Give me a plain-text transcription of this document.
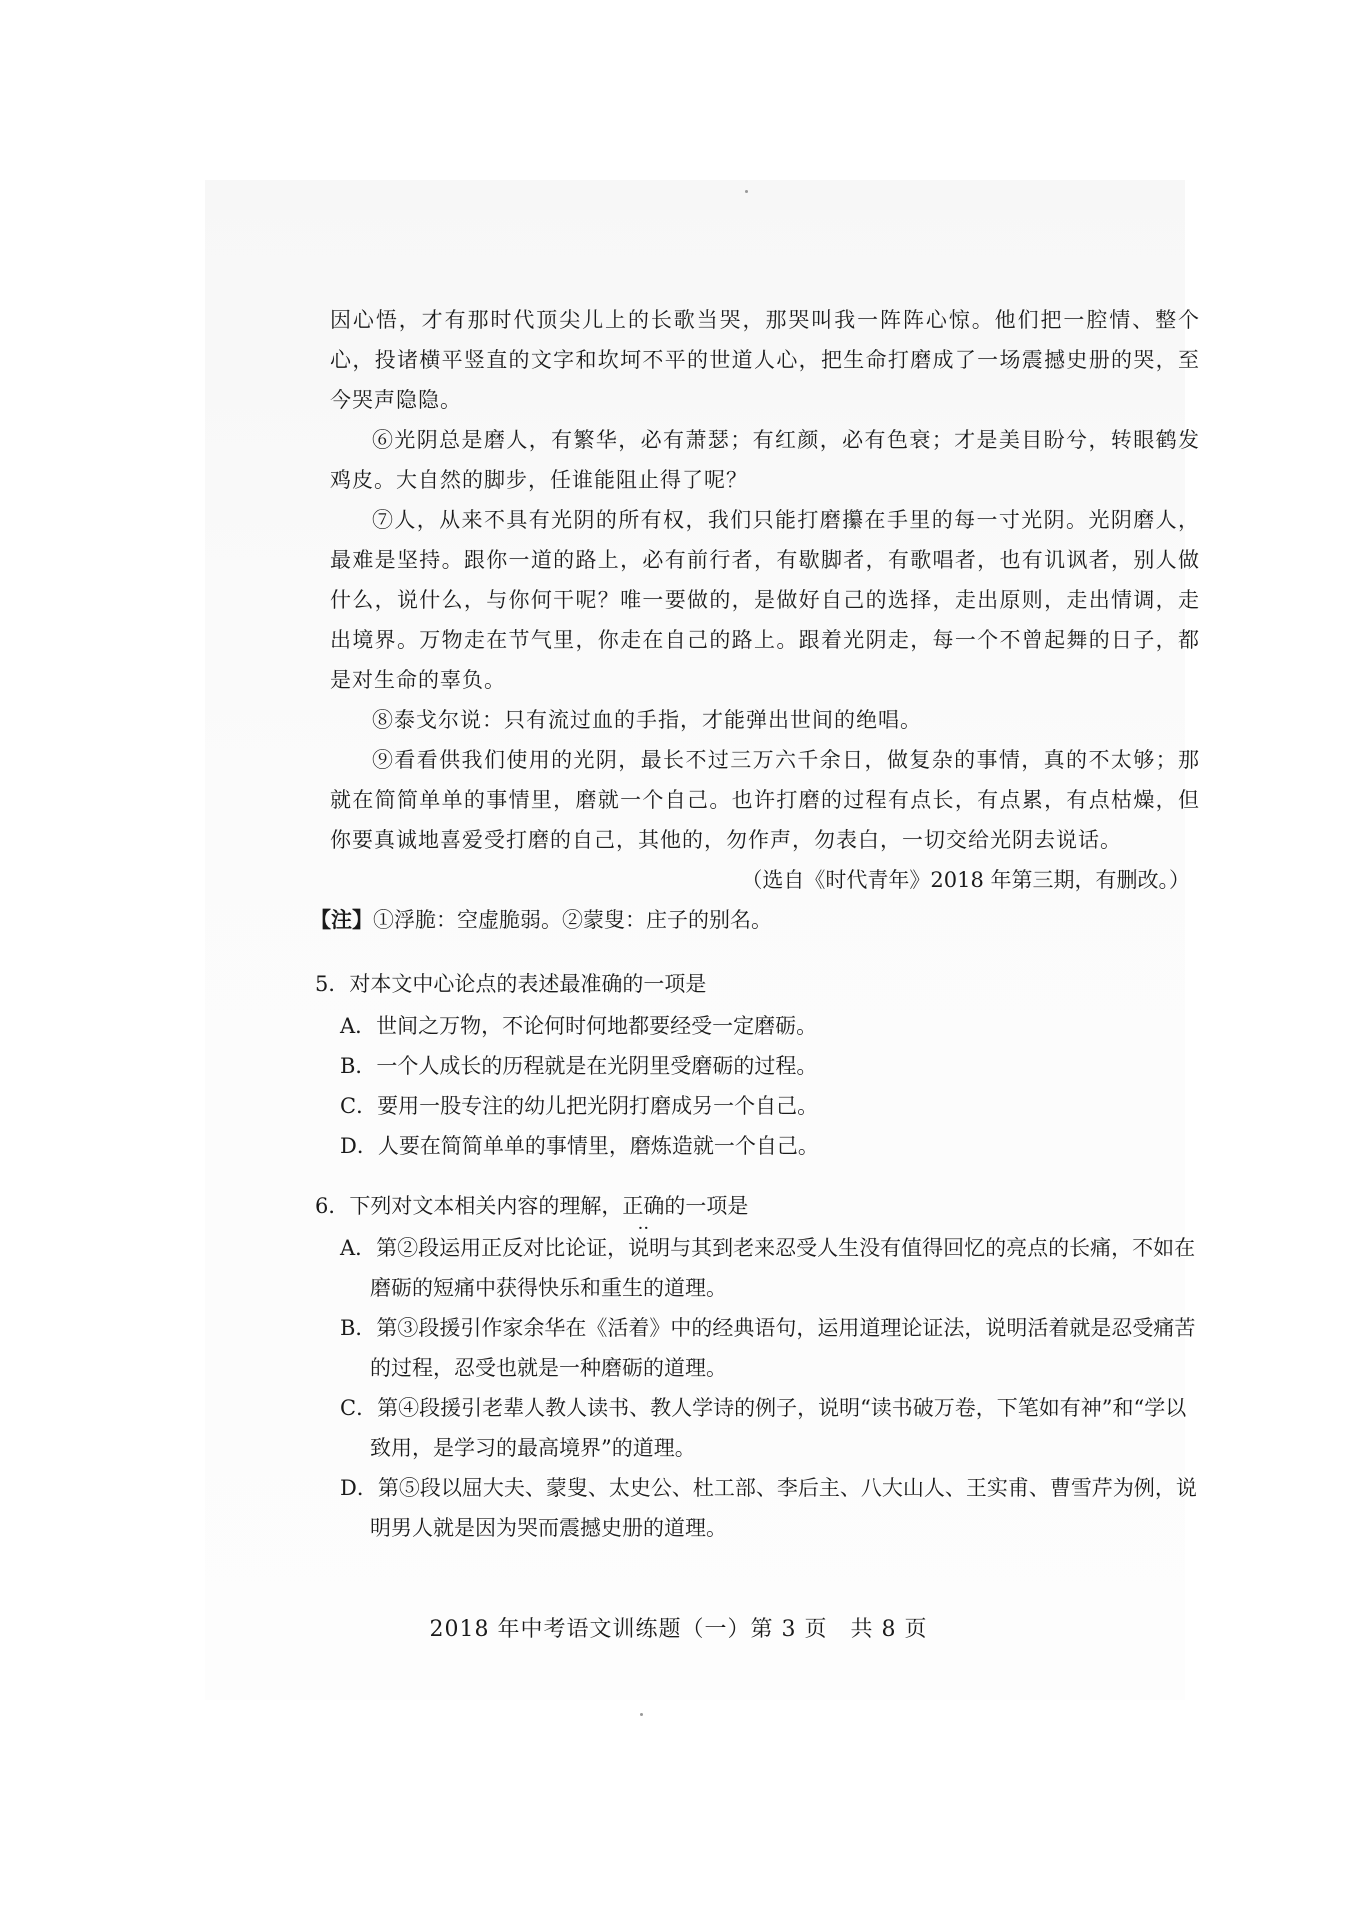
因心悟，才有那时代顶尖儿上的长歌当哭，那哭叫我一阵阵心惊。他们把一腔情、整个心，投诸横平竖直的文字和坎坷不平的世道人心，把生命打磨成了一场震撼史册的哭，至今哭声隐隐。

⑥光阴总是磨人，有繁华，必有萧瑟；有红颜，必有色衰；才是美目盼兮，转眼鹤发鸡皮。大自然的脚步，任谁能阻止得了呢？

⑦人，从来不具有光阴的所有权，我们只能打磨攥在手里的每一寸光阴。光阴磨人，最难是坚持。跟你一道的路上，必有前行者，有歇脚者，有歌唱者，也有讥讽者，别人做什么，说什么，与你何干呢？唯一要做的，是做好自己的选择，走出原则，走出情调，走出境界。万物走在节气里，你走在自己的路上。跟着光阴走，每一个不曾起舞的日子，都是对生命的辜负。

⑧泰戈尔说：只有流过血的手指，才能弹出世间的绝唱。

⑨看看供我们使用的光阴，最长不过三万六千余日，做复杂的事情，真的不太够；那就在简简单单的事情里，磨就一个自己。也许打磨的过程有点长，有点累，有点枯燥，但你要真诚地喜爱受打磨的自己，其他的，勿作声，勿表白，一切交给光阴去说话。

（选自《时代青年》2018 年第三期，有删改。）

【注】①浮脆：空虚脆弱。②蒙叟：庄子的别名。

5．对本文中心论点的表述最准确的一项是

A．世间之万物，不论何时何地都要经受一定磨砺。

B．一个人成长的历程就是在光阴里受磨砺的过程。

C．要用一股专注的幼儿把光阴打磨成另一个自己。

D．人要在简简单单的事情里，磨炼造就一个自己。

6．下列对文本相关内容的理解，正确
··
的一项是

A．第②段运用正反对比论证，说明与其到老来忍受人生没有值得回忆的亮点的长痛，不如在磨砺的短痛中获得快乐和重生的道理。

B．第③段援引作家余华在《活着》中的经典语句，运用道理论证法，说明活着就是忍受痛苦的过程，忍受也就是一种磨砺的道理。

C．第④段援引老辈人教人读书、教人学诗的例子，说明“读书破万卷，下笔如有神”和“学以致用，是学习的最高境界”的道理。

D．第⑤段以屈大夫、蒙叟、太史公、杜工部、李后主、八大山人、王实甫、曹雪芹为例，说明男人就是因为哭而震撼史册的道理。

2018 年中考语文训练题（一）第 3 页　共 8 页
